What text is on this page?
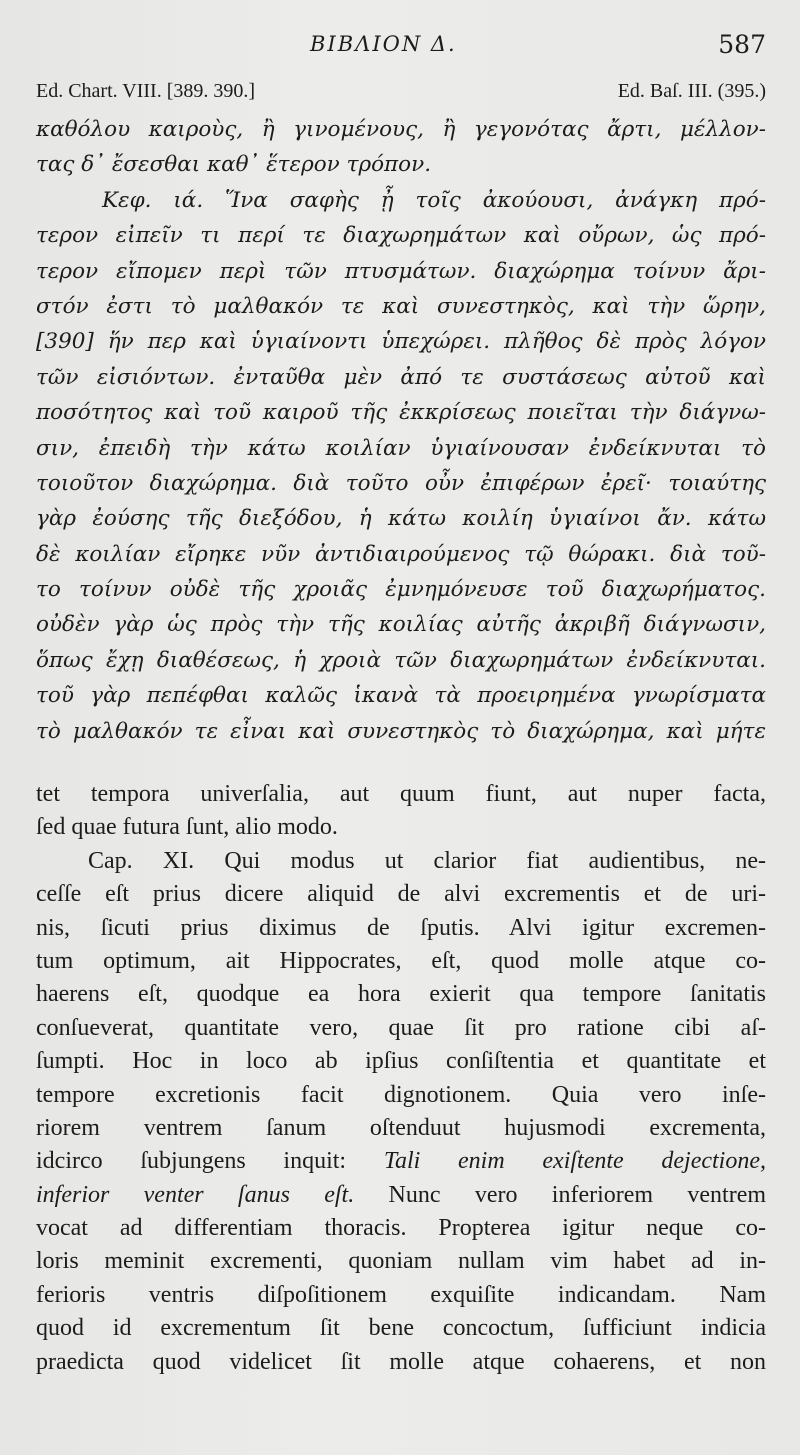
ΒΙΒΛΙΟΝ Δ.	587
Ed. Chart. VIII. [389. 390.]	Ed. Baſ. III. (395.)
καθόλου καιροὺς, ἢ γινομένους, ἢ γεγονότας ἄρτι, μέλλον-
τας δ᾽ ἔσεσθαι καθ᾽ ἕτερον τρόπον.
Κεφ. ιά. Ἵνα σαφὴς ᾖ τοῖς ἀκούουσι, ἀνάγκη πρό-
τερον εἰπεῖν τι περί τε διαχωρημάτων καὶ οὔρων, ὡς πρό-
τερον εἴπομεν περὶ τῶν πτυσμάτων. διαχώρημα τοίνυν ἄρι-
στόν ἐστι τὸ μαλθακόν τε καὶ συνεστηκὸς, καὶ τὴν ὥρην,
[390] ἥν περ καὶ ὑγιαίνοντι ὑπεχώρει. πλῆθος δὲ πρὸς λόγον
τῶν εἰσιόντων. ἐνταῦθα μὲν ἀπό τε συστάσεως αὐτοῦ καὶ
ποσότητος καὶ τοῦ καιροῦ τῆς ἐκκρίσεως ποιεῖται τὴν διάγνω-
σιν, ἐπειδὴ τὴν κάτω κοιλίαν ὑγιαίνουσαν ἐνδείκνυται τὸ
τοιοῦτον διαχώρημα. διὰ τοῦτο οὖν ἐπιφέρων ἐρεῖ· τοιαύτης
γὰρ ἐούσης τῆς διεξόδου, ἡ κάτω κοιλίη ὑγιαίνοι ἄν. κάτω
δὲ κοιλίαν εἴρηκε νῦν ἀντιδιαιρούμενος τῷ θώρακι. διὰ τοῦ-
το τοίνυν οὐδὲ τῆς χροιᾶς ἐμνημόνευσε τοῦ διαχωρήματος.
οὐδὲν γὰρ ὡς πρὸς τὴν τῆς κοιλίας αὐτῆς ἀκριβῆ διάγνωσιν,
ὅπως ἔχῃ διαθέσεως, ἡ χροιὰ τῶν διαχωρημάτων ἐνδείκνυται.
τοῦ γὰρ πεπέφθαι καλῶς ἱκανὰ τὰ προειρημένα γνωρίσματα
τὸ μαλθακόν τε εἶναι καὶ συνεστηκὸς τὸ διαχώρημα, καὶ μήτε
tet tempora univerſalia, aut quum fiunt, aut nuper facta,
ſed quae futura ſunt, alio modo.
Cap. XI. Qui modus ut clarior fiat audientibus, ne-
ceſſe eſt prius dicere aliquid de alvi excrementis et de uri-
nis, ſicuti prius diximus de ſputis. Alvi igitur excremen-
tum optimum, ait Hippocrates, eſt, quod molle atque co-
haerens eſt, quodque ea hora exierit qua tempore ſanitatis
conſueverat, quantitate vero, quae ſit pro ratione cibi aſ-
ſumpti. Hoc in loco ab ipſius conſiſtentia et quantitate et
tempore excretionis facit dignotionem. Quia vero inſe-
riorem ventrem ſanum oſtenduut hujusmodi excrementa,
idcirco ſubjungens inquit: Tali enim exiſtente dejectione,
inferior venter ſanus eſt. Nunc vero inferiorem ventrem
vocat ad differentiam thoracis. Propterea igitur neque co-
loris meminit excrementi, quoniam nullam vim habet ad in-
ferioris ventris diſpoſitionem exquiſite indicandam. Nam
quod id excrementum ſit bene concoctum, ſufficiunt indicia
praedicta quod videlicet ſit molle atque cohaerens, et non
